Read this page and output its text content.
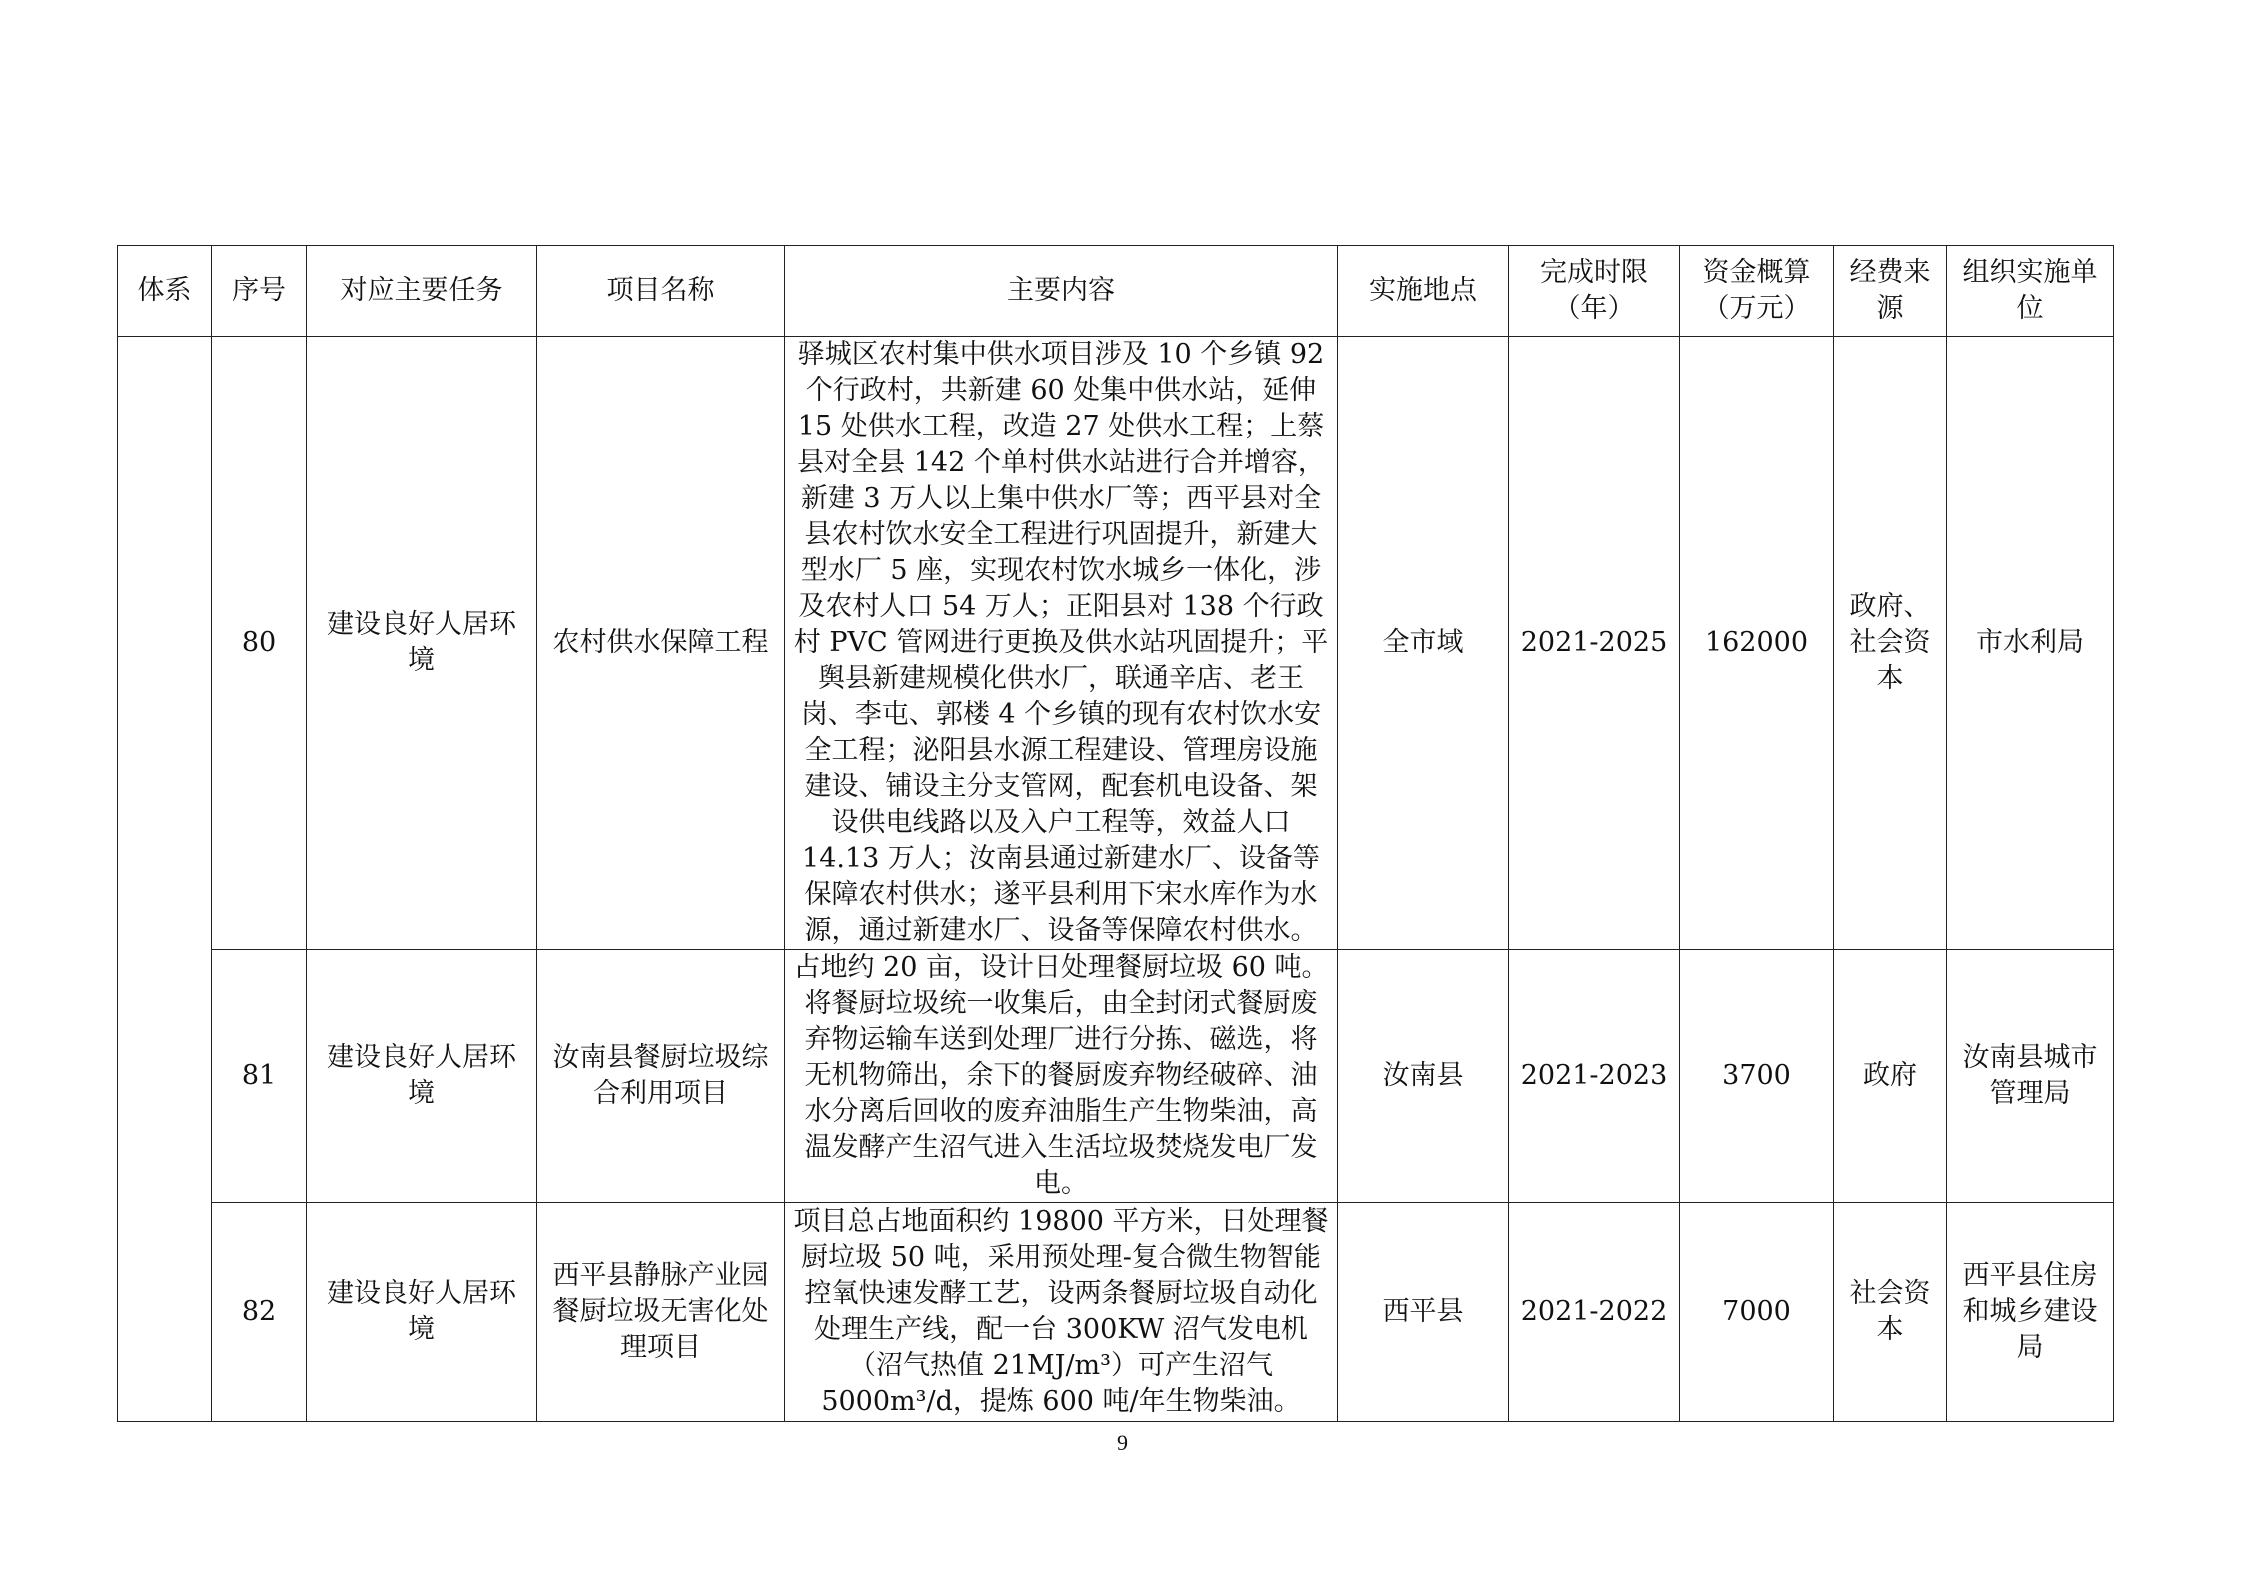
体系	序号	对应主要任务	项目名称	主要内容	实施地点	完成时限（年）	资金概算（万元）	经费来源	组织实施单位
	80	建设良好人居环境	农村供水保障工程	驿城区农村集中供水项目涉及 10 个乡镇 92 个行政村，共新建 60 处集中供水站，延伸 15 处供水工程，改造 27 处供水工程；上蔡县对全县 142 个单村供水站进行合并增容，新建 3 万人以上集中供水厂等；西平县对全县农村饮水安全工程进行巩固提升，新建大型水厂 5 座，实现农村饮水城乡一体化，涉及农村人口 54 万人；正阳县对 138 个行政村 PVC 管网进行更换及供水站巩固提升；平舆县新建规模化供水厂，联通辛店、老王岗、李屯、郭楼 4 个乡镇的现有农村饮水安全工程；泌阳县水源工程建设、管理房设施建设、铺设主分支管网，配套机电设备、架设供电线路以及入户工程等，效益人口 14.13 万人；汝南县通过新建水厂、设备等保障农村供水；遂平县利用下宋水库作为水源，通过新建水厂、设备等保障农村供水。	全市域	2021-2025	162000	政府、社会资本	市水利局
	81	建设良好人居环境	汝南县餐厨垃圾综合利用项目	占地约 20 亩，设计日处理餐厨垃圾 60 吨。将餐厨垃圾统一收集后，由全封闭式餐厨废弃物运输车送到处理厂进行分拣、磁选，将无机物筛出，余下的餐厨废弃物经破碎、油水分离后回收的废弃油脂生产生物柴油，高温发酵产生沼气进入生活垃圾焚烧发电厂发电。	汝南县	2021-2023	3700	政府	汝南县城市管理局
	82	建设良好人居环境	西平县静脉产业园餐厨垃圾无害化处理项目	项目总占地面积约 19800 平方米，日处理餐厨垃圾 50 吨，采用预处理-复合微生物智能控氧快速发酵工艺，设两条餐厨垃圾自动化处理生产线，配一台 300KW 沼气发电机（沼气热值 21MJ/m³）可产生沼气 5000m³/d，提炼 600 吨/年生物柴油。	西平县	2021-2022	7000	社会资本	西平县住房和城乡建设局
9
